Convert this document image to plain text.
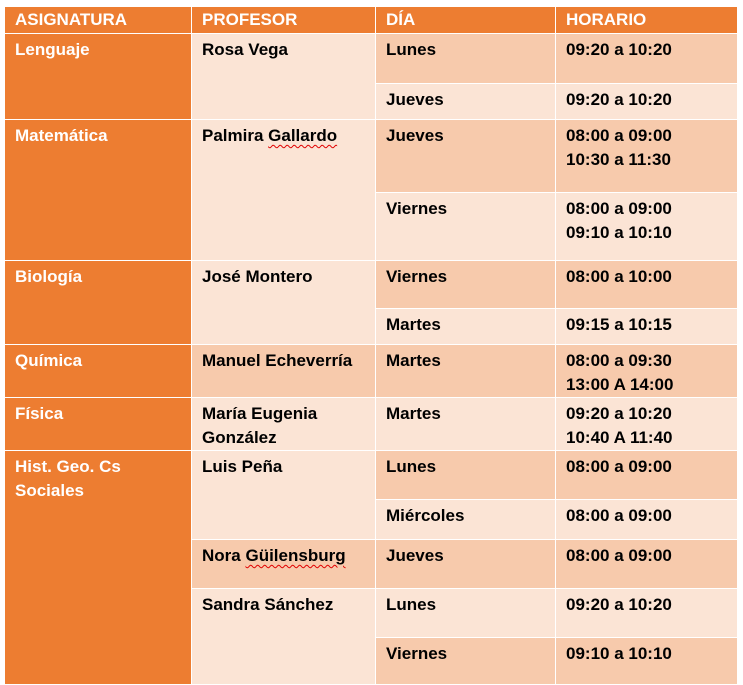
ASIGNATURA	PROFESOR	DÍA	HORARIO
Lenguaje	Rosa Vega	Lunes	09:20 a 10:20
		Jueves	09:20 a 10:20
Matemática	Palmira Gallardo	Jueves	08:00 a 09:00
10:30 a 11:30

		Viernes	08:00 a 09:00
09:10 a 10:10

Biología	José Montero	Viernes	08:00 a 10:00
		Martes	09:15 a 10:15
Química	Manuel Echeverría	Martes	08:00 a 09:30
13:00 A 14:00

Física	María Eugenia
González	Martes	09:20 a 10:20
10:40 A 11:40

Hist. Geo. Cs
Sociales	Luis Peña	Lunes	08:00 a 09:00
		Miércoles	08:00 a 09:00
	Nora Güilensburg	Jueves	08:00 a 09:00
	Sandra Sánchez	Lunes	09:20 a 10:20
		Viernes	09:10 a 10:10
